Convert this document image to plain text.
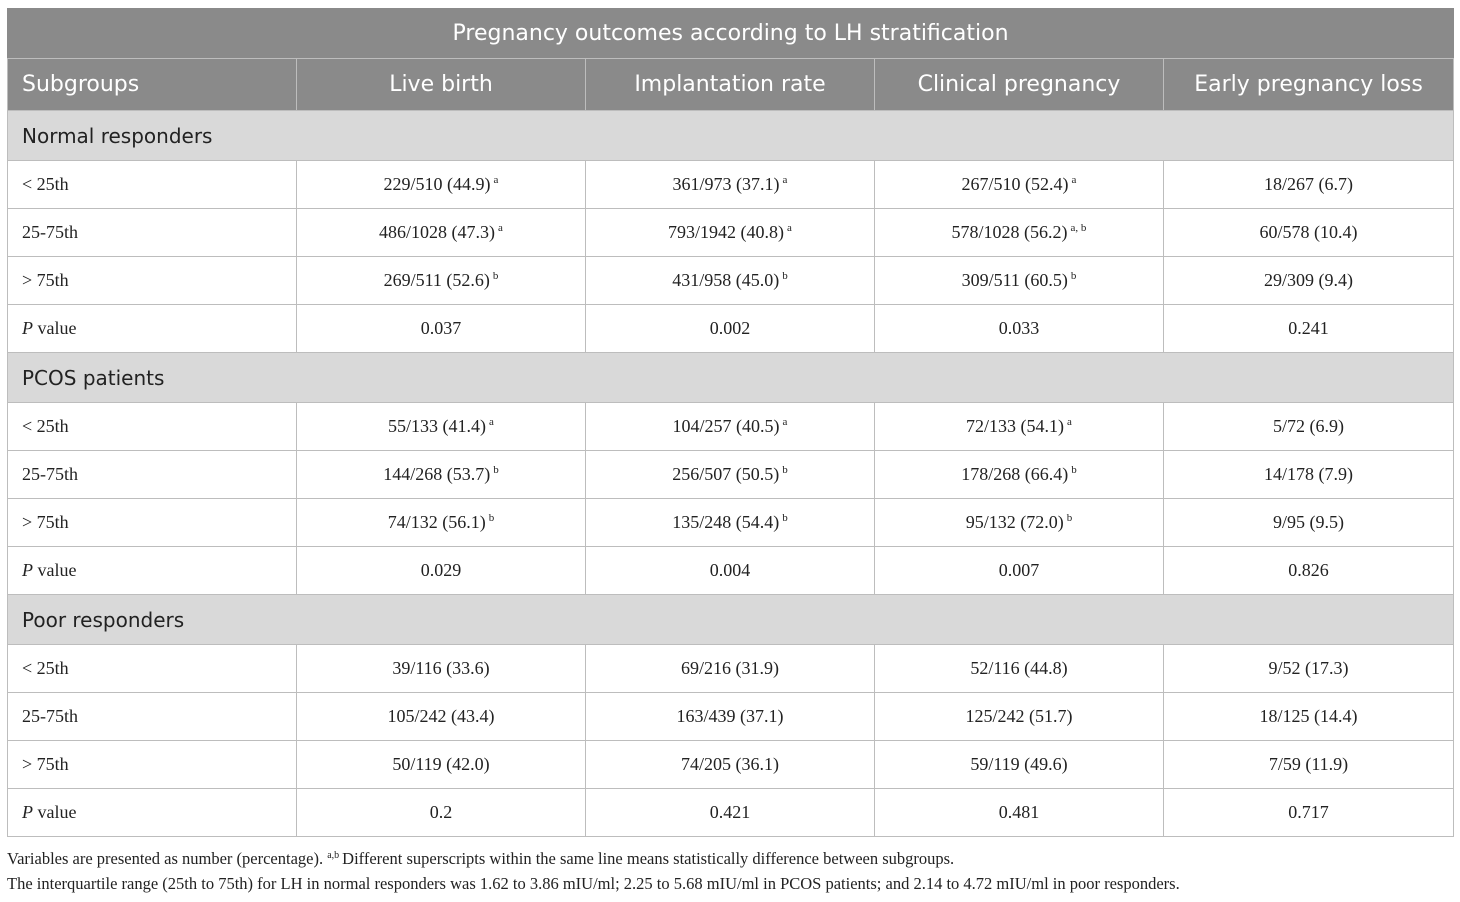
Pregnancy outcomes according to LH stratification				
Subgroups	Live birth	Implantation rate	Clinical pregnancy	Early pregnancy loss
Normal responders				
< 25th	229/510 (44.9) $^a$	361/973 (37.1) $^a$	267/510 (52.4) $^a$	18/267 (6.7)
25-75th	486/1028 (47.3) $^a$	793/1942 (40.8) $^a$	578/1028 (56.2) $^{a, b}$	60/578 (10.4)
> 75th	269/511 (52.6) $^b$	431/958 (45.0) $^b$	309/511 (60.5) $^b$	29/309 (9.4)
P value	0.037	0.002	0.033	0.241
PCOS patients				
< 25th	55/133 (41.4) $^a$	104/257 (40.5) $^a$	72/133 (54.1) $^a$	5/72 (6.9)
25-75th	144/268 (53.7) $^b$	256/507 (50.5) $^b$	178/268 (66.4) $^b$	14/178 (7.9)
> 75th	74/132 (56.1) $^b$	135/248 (54.4) $^b$	95/132 (72.0) $^b$	9/95 (9.5)
P value	0.029	0.004	0.007	0.826
Poor responders				
< 25th	39/116 (33.6)	69/216 (31.9)	52/116 (44.8)	9/52 (17.3)
25-75th	105/242 (43.4)	163/439 (37.1)	125/242 (51.7)	18/125 (14.4)
> 75th	50/119 (42.0)	74/205 (36.1)	59/119 (49.6)	7/59 (11.9)
P value	0.2	0.421	0.481	0.717

Variables are presented as number (percentage). $^{a,b}$ Different superscripts within the same line means statistically difference between subgroups.

The interquartile range (25th to 75th) for LH in normal responders was 1.62 to 3.86 mIU/ml; 2.25 to 5.68 mIU/ml in PCOS patients; and 2.14 to 4.72 mIU/ml in poor responders.
